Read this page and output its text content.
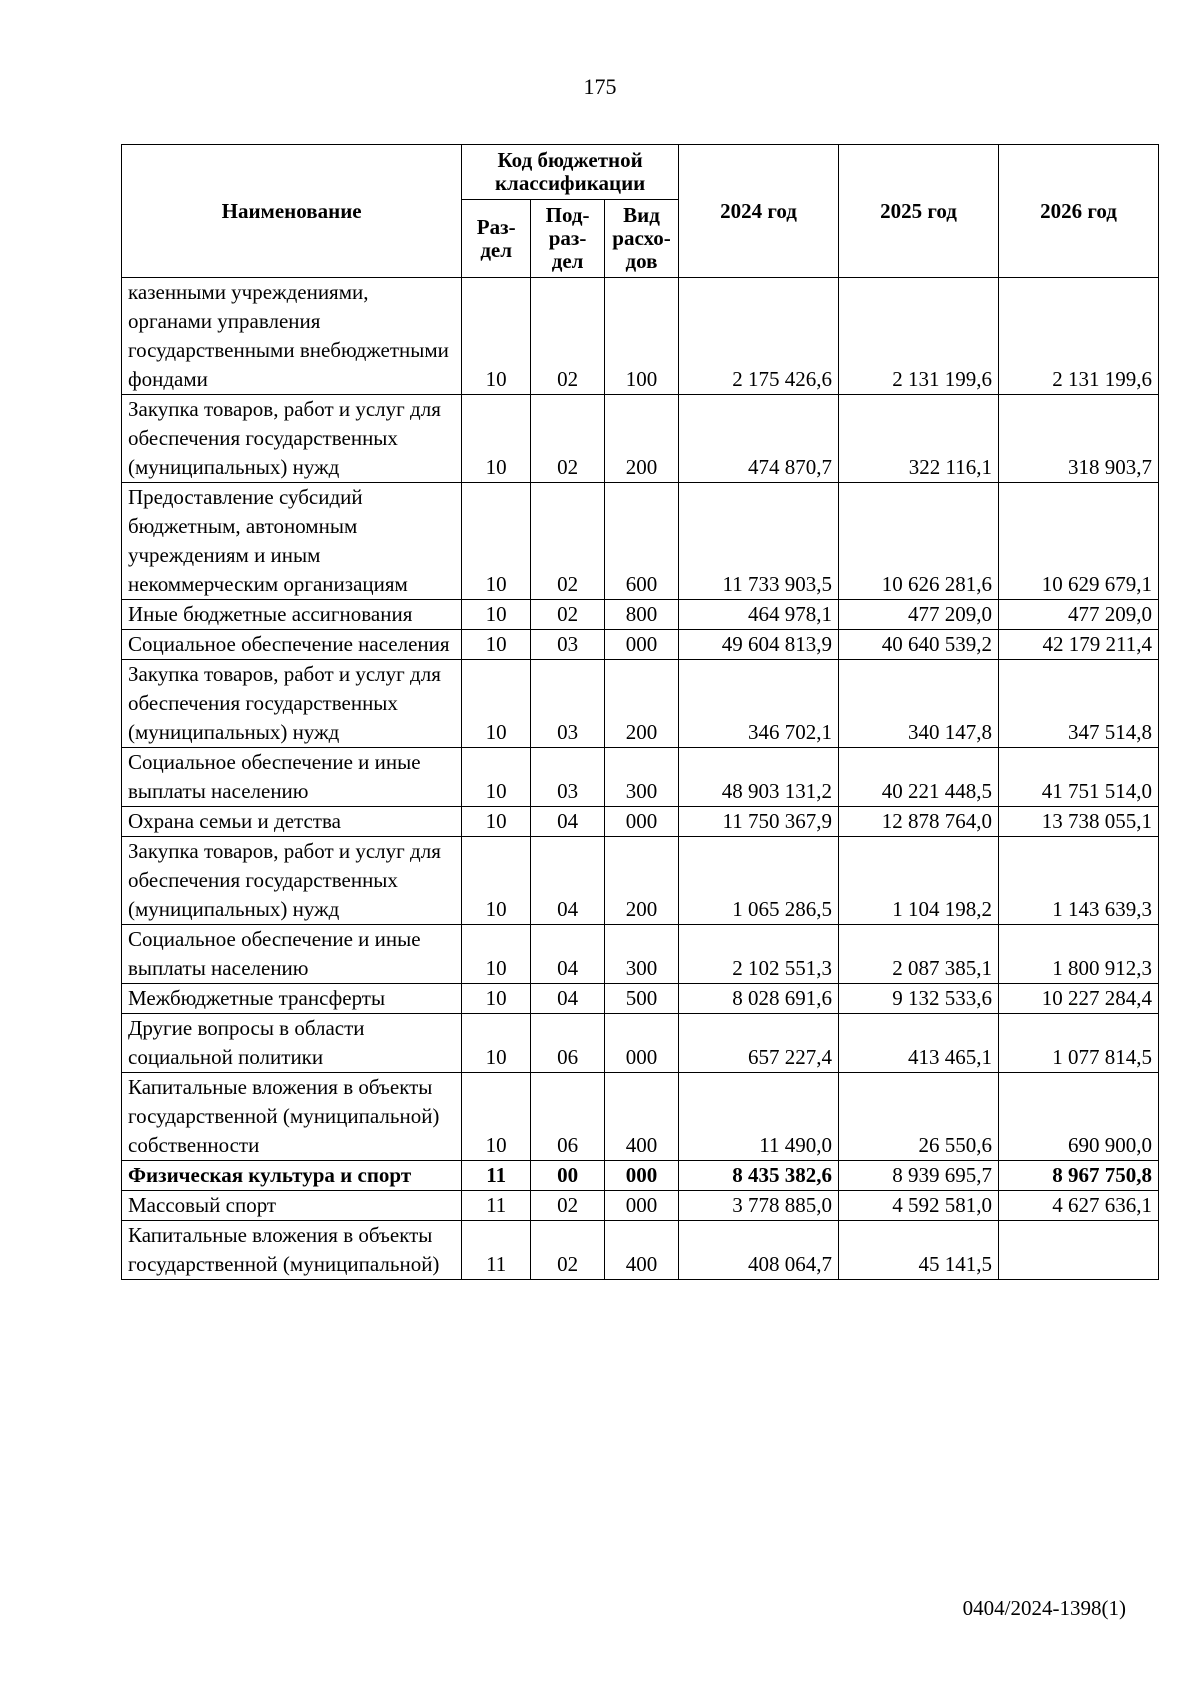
175
Наименование	Код бюджетной классификации			2024 год	2025 год	2026 год
	Раз-дел	Под-раз-дел	Вид расхо-дов			
казенными учреждениями, органами управления государственными внебюджетными фондами	10	02	100	2 175 426,6	2 131 199,6	2 131 199,6
Закупка товаров, работ и услуг для обеспечения государственных (муниципальных) нужд	10	02	200	474 870,7	322 116,1	318 903,7
Предоставление субсидий бюджетным, автономным учреждениям и иным некоммерческим организациям	10	02	600	11 733 903,5	10 626 281,6	10 629 679,1
Иные бюджетные ассигнования	10	02	800	464 978,1	477 209,0	477 209,0
Социальное обеспечение населения	10	03	000	49 604 813,9	40 640 539,2	42 179 211,4
Закупка товаров, работ и услуг для обеспечения государственных (муниципальных) нужд	10	03	200	346 702,1	340 147,8	347 514,8
Социальное обеспечение и иные выплаты населению	10	03	300	48 903 131,2	40 221 448,5	41 751 514,0
Охрана семьи и детства	10	04	000	11 750 367,9	12 878 764,0	13 738 055,1
Закупка товаров, работ и услуг для обеспечения государственных (муниципальных) нужд	10	04	200	1 065 286,5	1 104 198,2	1 143 639,3
Социальное обеспечение и иные выплаты населению	10	04	300	2 102 551,3	2 087 385,1	1 800 912,3
Межбюджетные трансферты	10	04	500	8 028 691,6	9 132 533,6	10 227 284,4
Другие вопросы в области социальной политики	10	06	000	657 227,4	413 465,1	1 077 814,5
Капитальные вложения в объекты государственной (муниципальной) собственности	10	06	400	11 490,0	26 550,6	690 900,0
Физическая культура и спорт	11	00	000	8 435 382,6	8 939 695,7	8 967 750,8
Массовый спорт	11	02	000	3 778 885,0	4 592 581,0	4 627 636,1
Капитальные вложения в объекты государственной (муниципальной)	11	02	400	408 064,7	45 141,5	
0404/2024-1398(1)
